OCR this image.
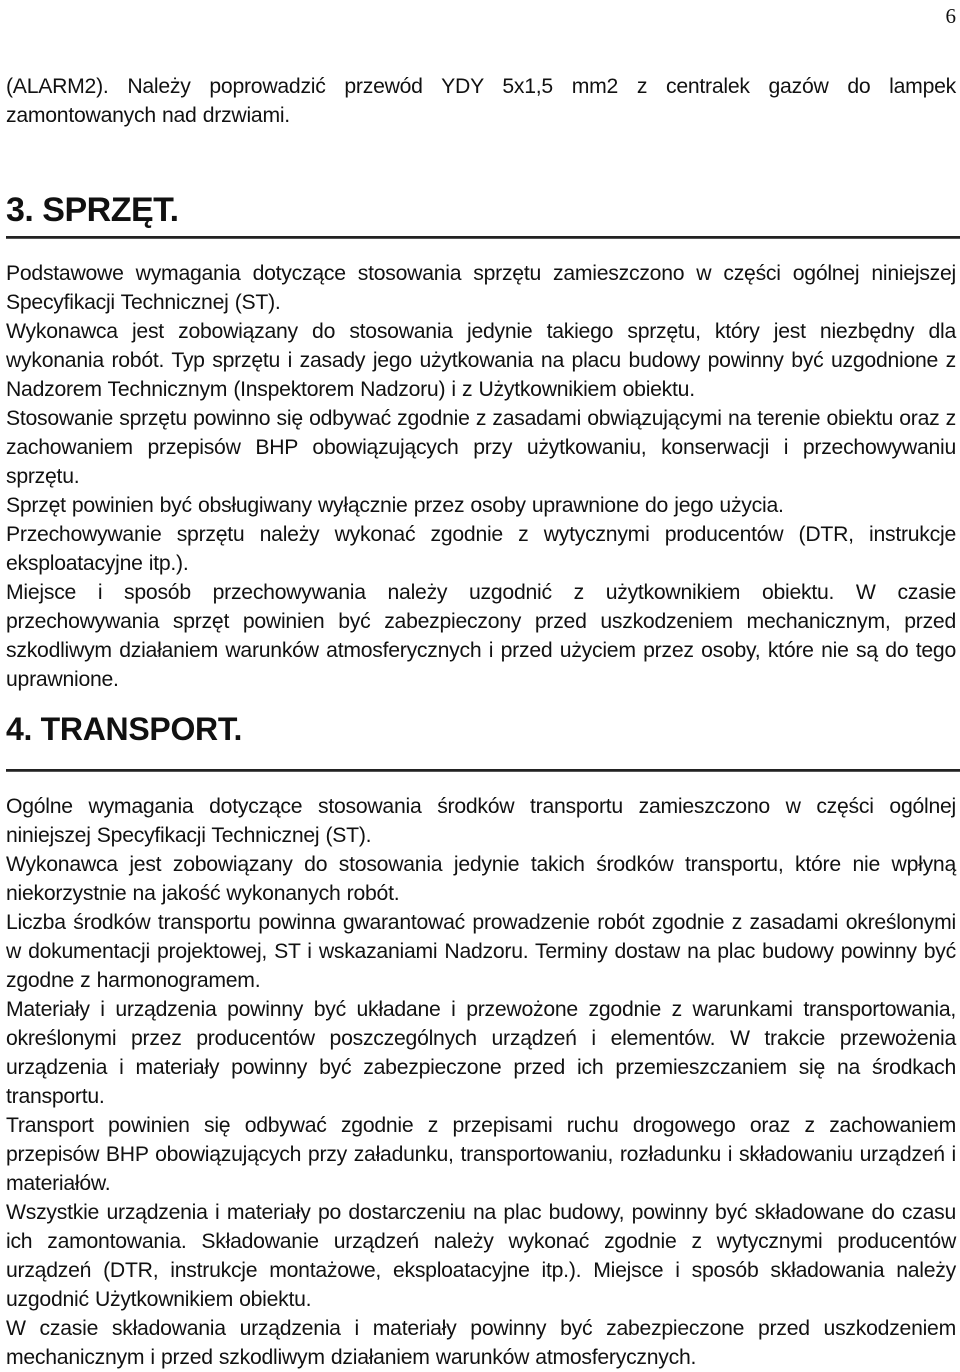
6

(ALARM2). Należy poprowadzić przewód YDY 5x1,5 mm2 z centralek gazów do lampek zamontowanych nad drzwiami.

3. SPRZĘT.

Podstawowe wymagania dotyczące stosowania sprzętu zamieszczono w części ogólnej niniejszej Specyfikacji Technicznej (ST).

Wykonawca jest zobowiązany do stosowania jedynie takiego sprzętu, który jest niezbędny dla wykonania robót. Typ sprzętu i zasady jego użytkowania na placu budowy powinny być uzgodnione z Nadzorem Technicznym (Inspektorem Nadzoru) i z Użytkownikiem obiektu.

Stosowanie sprzętu powinno się odbywać zgodnie z zasadami obwiązującymi na terenie obiektu oraz z zachowaniem przepisów BHP obowiązujących przy użytkowaniu, konserwacji i przechowywaniu sprzętu.

Sprzęt powinien być obsługiwany wyłącznie przez osoby uprawnione do jego użycia.

Przechowywanie sprzętu należy wykonać zgodnie z wytycznymi producentów (DTR, instrukcje eksploatacyjne itp.).

Miejsce i sposób przechowywania należy uzgodnić z użytkownikiem obiektu. W czasie przechowywania sprzęt powinien być zabezpieczony przed uszkodzeniem mechanicznym, przed szkodliwym działaniem warunków atmosferycznych i przed użyciem przez osoby, które nie są do tego uprawnione.

4. TRANSPORT.

Ogólne wymagania dotyczące stosowania środków transportu zamieszczono w części ogólnej niniejszej Specyfikacji Technicznej (ST).

Wykonawca jest zobowiązany do stosowania jedynie takich środków transportu, które nie wpłyną niekorzystnie na jakość wykonanych robót.

Liczba środków transportu powinna gwarantować prowadzenie robót zgodnie z zasadami określonymi w dokumentacji projektowej, ST i wskazaniami Nadzoru. Terminy dostaw na plac budowy powinny być zgodne z harmonogramem.

Materiały i urządzenia powinny być układane i przewożone zgodnie z warunkami transportowania, określonymi przez producentów poszczególnych urządzeń i elementów. W trakcie przewożenia urządzenia i materiały powinny być zabezpieczone przed ich przemieszczaniem się na środkach transportu.

Transport powinien się odbywać zgodnie z przepisami ruchu drogowego oraz z zachowaniem przepisów BHP obowiązujących przy załadunku, transportowaniu, rozładunku i składowaniu urządzeń i materiałów.

Wszystkie urządzenia i materiały po dostarczeniu na plac budowy, powinny być składowane do czasu ich zamontowania. Składowanie urządzeń należy wykonać zgodnie z wytycznymi producentów urządzeń (DTR, instrukcje montażowe, eksploatacyjne itp.). Miejsce i sposób składowania należy uzgodnić Użytkownikiem obiektu.

W czasie składowania urządzenia i materiały powinny być zabezpieczone przed uszkodzeniem mechanicznym i przed szkodliwym działaniem warunków atmosferycznych.
